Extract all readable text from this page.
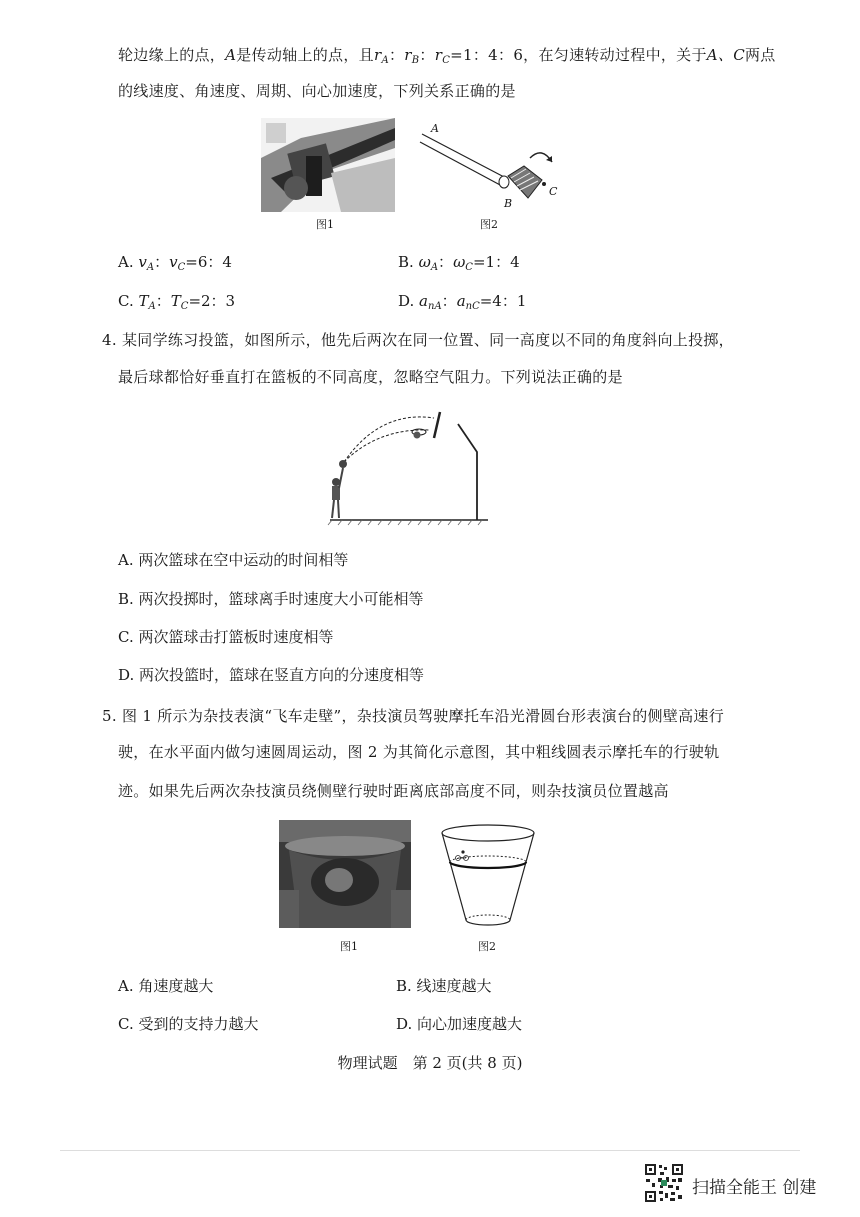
轮边缘上的点，A是传动轴上的点，且$r_A$：$r_B$：$r_C=1$：4：6，在匀速转动过程中，关于A、C两点
的线速度、角速度、周期、向心加速度，下列关系正确的是
图1
A
B
C
图2
A. $v_A$：$v_C=6$：4	B. $\omega_A$：$\omega_C=1$：4
C. $T_A$：$T_C=2$：3	D. $a_{nA}$：$a_{nC}=4$：1
4. 某同学练习投篮，如图所示，他先后两次在同一位置、同一高度以不同的角度斜向上投掷，
最后球都恰好垂直打在篮板的不同高度，忽略空气阻力。下列说法正确的是
A. 两次篮球在空中运动的时间相等
B. 两次投掷时，篮球离手时速度大小可能相等
C. 两次篮球击打篮板时速度相等
D. 两次投篮时，篮球在竖直方向的分速度相等
5. 图 1 所示为杂技表演“飞车走壁”，杂技演员驾驶摩托车沿光滑圆台形表演台的侧壁高速行
驶，在水平面内做匀速圆周运动，图 2 为其简化示意图，其中粗线圆表示摩托车的行驶轨
迹。如果先后两次杂技演员绕侧壁行驶时距离底部高度不同，则杂技演员位置越高
图1	图2
A. 角速度越大	B. 线速度越大
C. 受到的支持力越大	D. 向心加速度越大
物理试题　第 2 页(共 8 页)
扫描全能王 创建
